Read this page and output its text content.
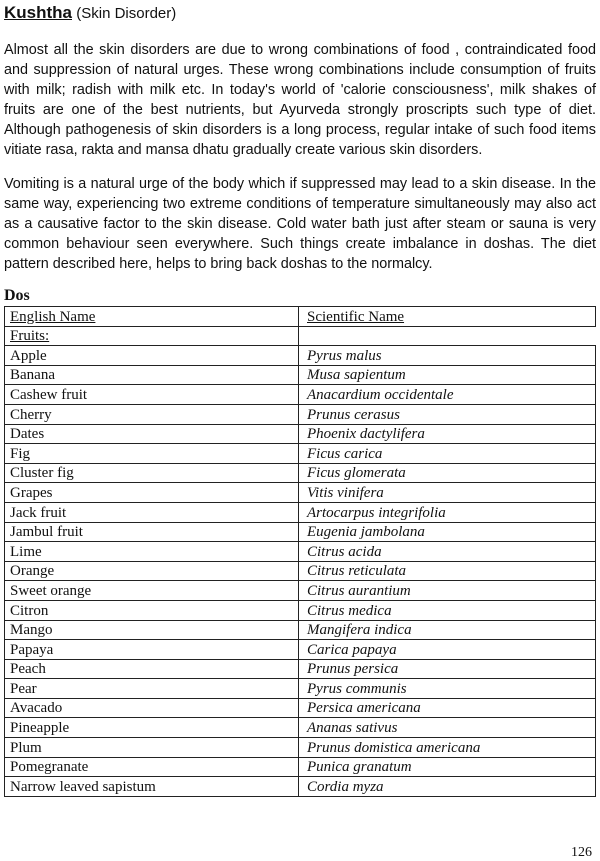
Kushtha (Skin Disorder)

Almost all the skin disorders are due to wrong combinations of food , contraindicated food and suppression of natural urges. These wrong combinations include consumption of fruits with milk; radish with milk etc. In today's world of 'calorie consciousness', milk shakes of fruits are one of the best nutrients, but Ayurveda strongly proscripts such type of diet. Although pathogenesis of skin disorders is a long process, regular intake of such food items vitiate rasa, rakta and mansa dhatu gradually create various skin disorders.

Vomiting is a natural urge of the body which if suppressed may lead to a skin disease. In the same way, experiencing two extreme conditions of temperature simultaneously may also act as a causative factor to the skin disease. Cold water bath just after steam or sauna is very common behaviour seen everywhere. Such things create imbalance in doshas. The diet pattern described here, helps to bring back doshas to the normalcy.

Dos
English Name	Scientific Name
Fruits:	
Apple	Pyrus malus
Banana	Musa sapientum
Cashew fruit	Anacardium occidentale
Cherry	Prunus cerasus
Dates	Phoenix dactylifera
Fig	Ficus carica
Cluster fig	Ficus glomerata
Grapes	Vitis vinifera
Jack fruit	Artocarpus integrifolia
Jambul fruit	Eugenia jambolana
Lime	Citrus acida
Orange	Citrus reticulata
Sweet orange	Citrus aurantium
Citron	Citrus medica
Mango	Mangifera indica
Papaya	Carica papaya
Peach	Prunus persica
Pear	Pyrus communis
Avacado	Persica americana
Pineapple	Ananas sativus
Plum	Prunus domistica americana
Pomegranate	Punica granatum
Narrow leaved sapistum	Cordia myza
126
